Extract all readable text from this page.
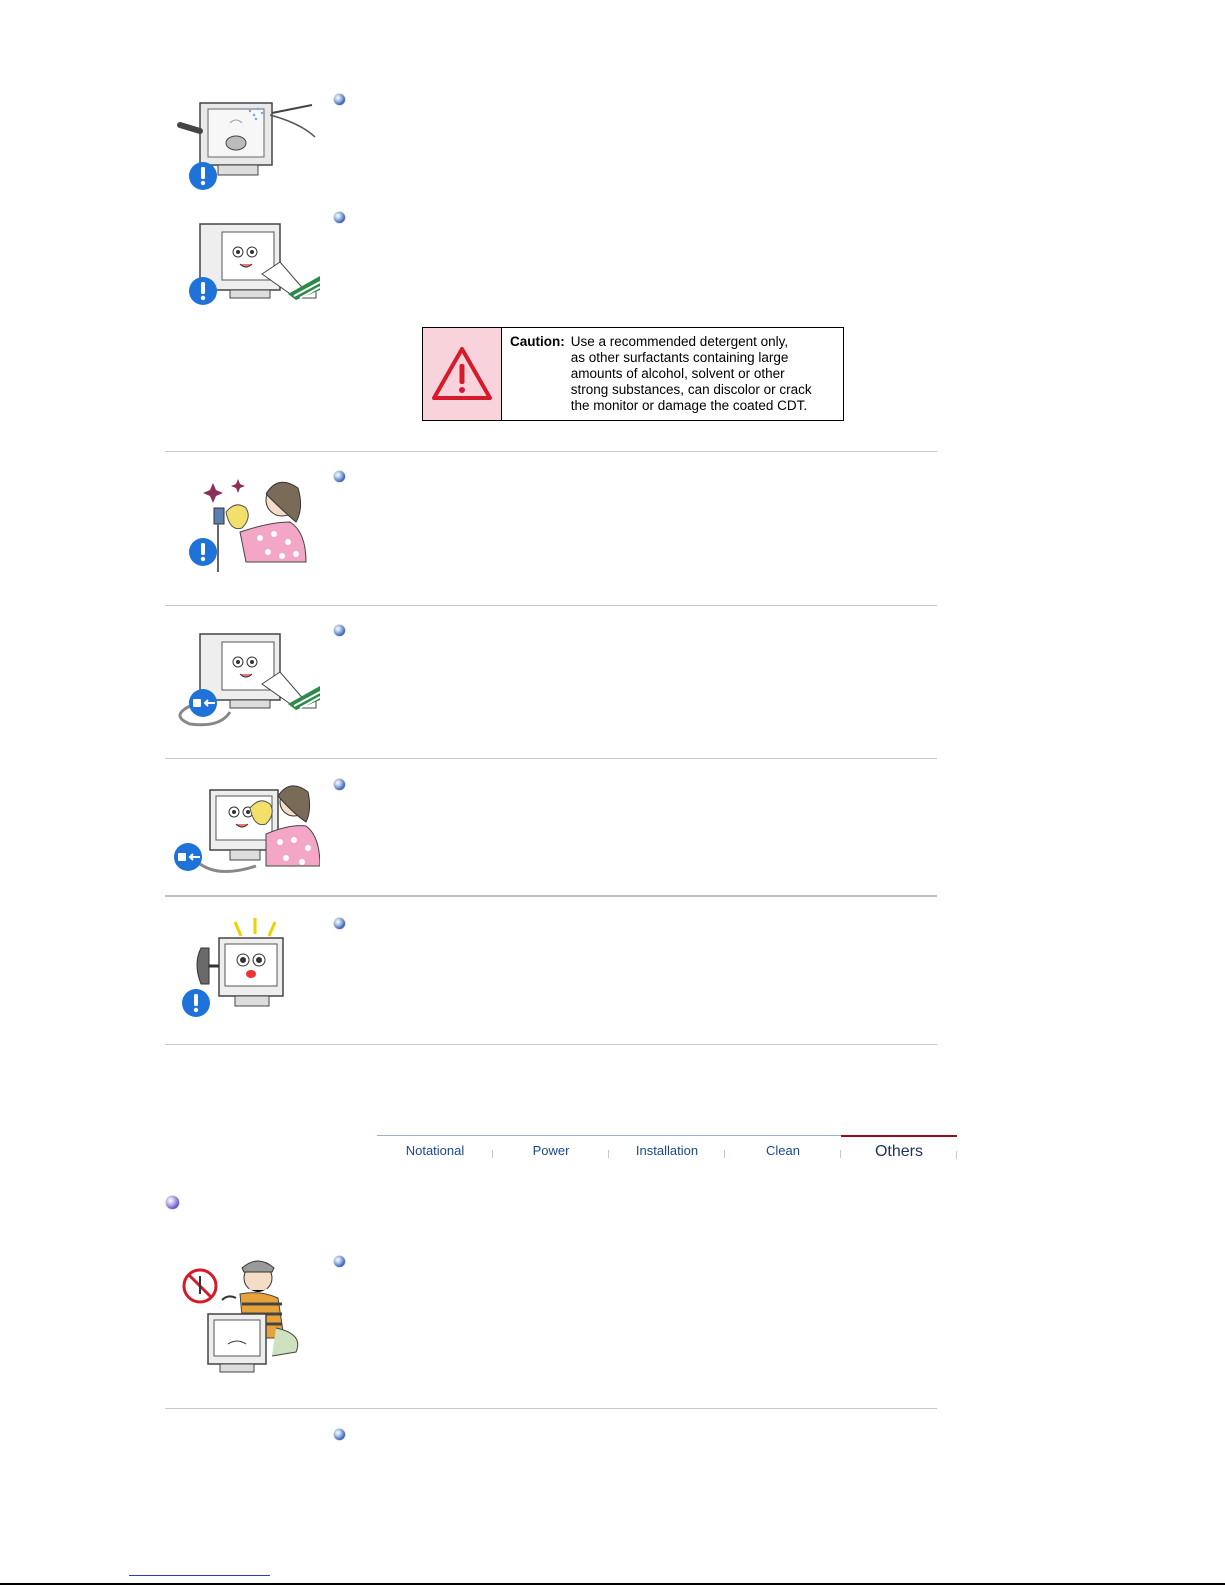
Caution: Use a recommended detergent only,
as other surfactants containing large
amounts of alcohol, solvent or other
strong substances, can discolor or crack
the monitor or damage the coated CDT.
Notational	Power	Installation	Clean	Others
